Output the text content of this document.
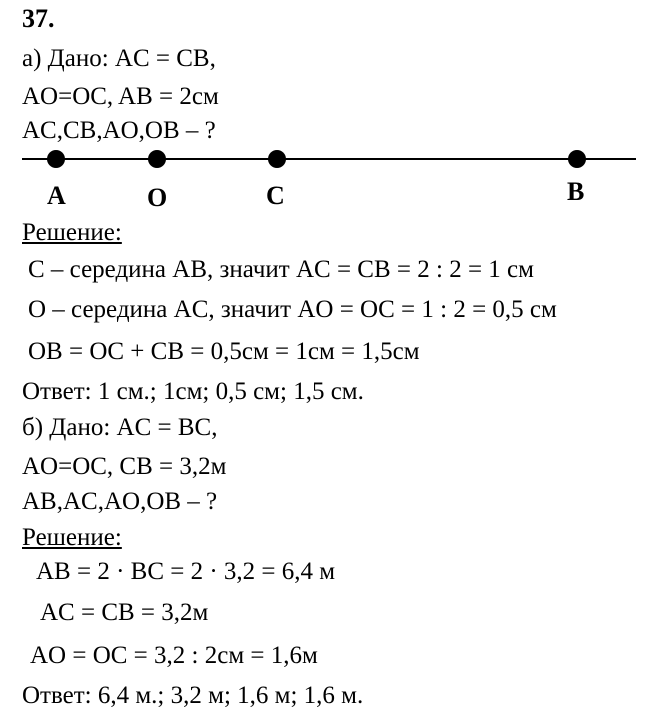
37.
а) Дано: AC = CB,
AO=OC, AB = 2см
AC,CB,AO,OB – ?
A	O	C	B
Решение:
C – середина AB, значит AC = CB = 2 : 2 = 1 см
O – середина AC, значит AO = OC = 1 : 2 = 0,5 см
OB = OC + CB = 0,5см = 1см = 1,5см
Ответ: 1 см.; 1см; 0,5 см; 1,5 см.
б) Дано: AC = BC,
AO=OC, CB = 3,2м
AB,AC,AO,OB – ?
Решение:
AB = 2 · BC = 2 · 3,2 = 6,4 м
AC = CB = 3,2м
AO = OC = 3,2 : 2см = 1,6м
Ответ: 6,4 м.; 3,2 м; 1,6 м; 1,6 м.
